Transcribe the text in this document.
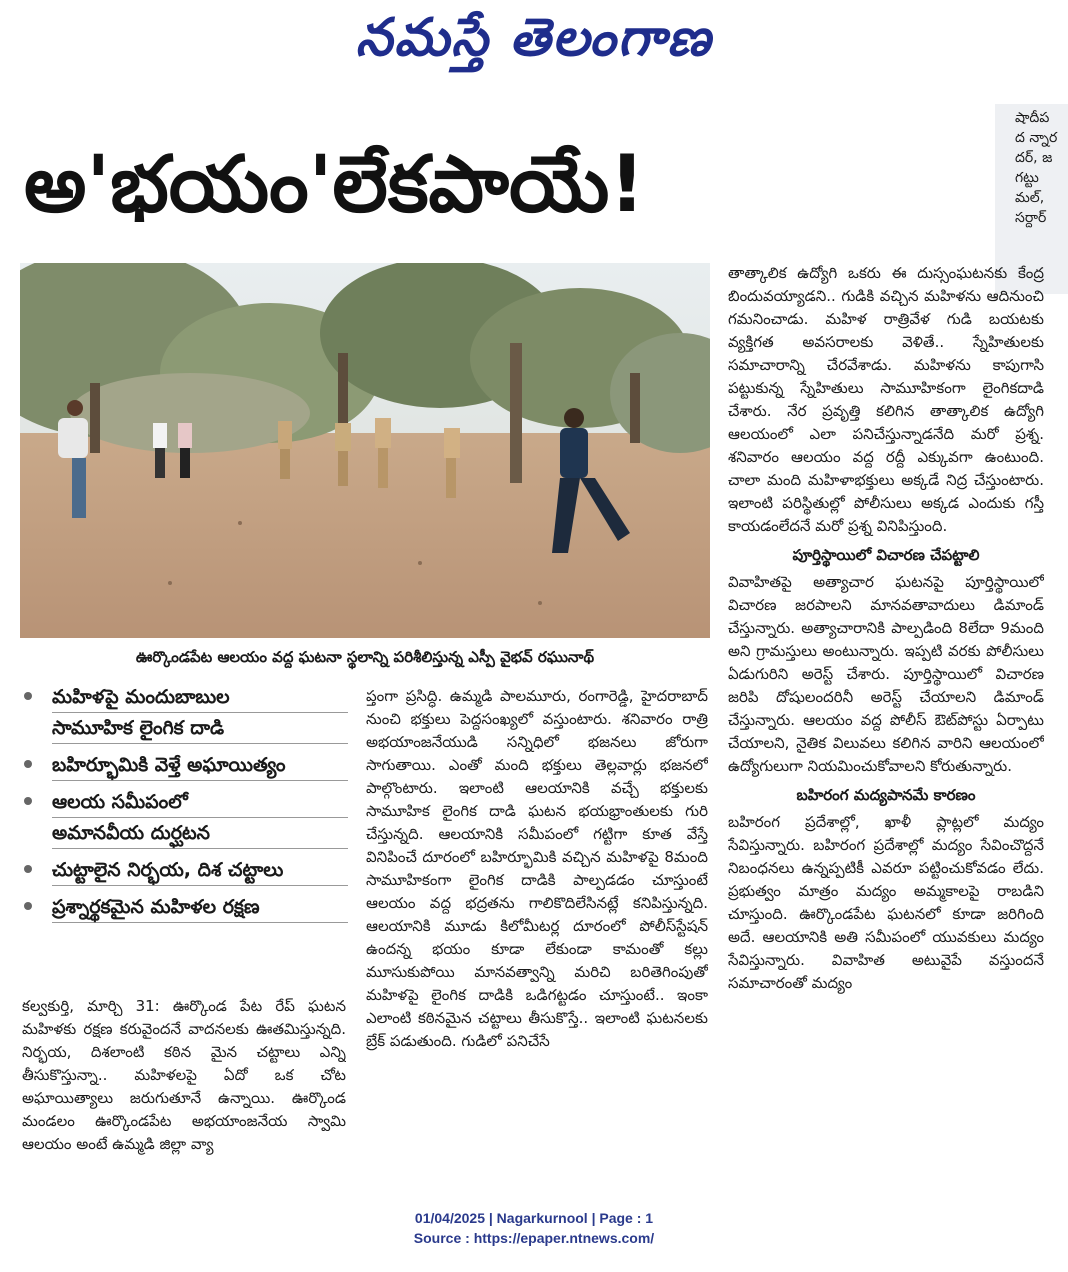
నమస్తే తెలంగాణ
షాదీప
ద న్నార
దర్, జ
గట్టు
మల్,
సర్దార్
అ'భయం'లేకపాయే!
ఊర్కొండపేట ఆలయం వద్ద ఘటనా స్థలాన్ని పరిశీలిస్తున్న ఎస్పీ వైభవ్ రఘునాథ్
మహిళపై మందుబాబుల
సామూహిక లైంగిక దాడి
బహిర్భూమికి వెళ్తే అఘాయిత్యం
ఆలయ సమీపంలో
అమానవీయ దుర్ఘటన
చుట్టాలైన నిర్భయ, దిశ చట్టాలు
ప్రశ్నార్థకమైన మహిళల రక్షణ

కల్వకుర్తి, మార్చి 31: ఊర్కొండ పేట రేప్ ఘటన మహిళకు రక్షణ కరువైందనే వాదనలకు ఊతమిస్తున్నది. నిర్భయ, దిశలాంటి కఠిన మైన చట్టాలు ఎన్ని తీసుకొస్తున్నా.. మహిళలపై ఏదో ఒక చోట అఘాయిత్యాలు జరుగుతూనే ఉన్నాయి. ఊర్కొండ మండలం ఊర్కొండపేట అభయాంజనేయ స్వామి ఆలయం అంటే ఉమ్మడి జిల్లా వ్యా

ప్తంగా ప్రసిద్ధి. ఉమ్మడి పాలమూరు, రంగారెడ్డి, హైదరాబాద్ నుంచి భక్తులు పెద్దసంఖ్యలో వస్తుంటారు. శనివారం రాత్రి అభయాంజనేయుడి సన్నిధిలో భజనలు జోరుగా సాగుతాయి. ఎంతో మంది భక్తులు తెల్లవార్లు భజనలో పాల్గొంటారు. ఇలాంటి ఆలయానికి వచ్చే భక్తులకు సామూహిక లైంగిక దాడి ఘటన భయభ్రాంతులకు గురి చేస్తున్నది. ఆలయానికి సమీపంలో గట్టిగా కూత వేస్తే వినిపించే దూరంలో బహిర్భూమికి వచ్చిన మహిళపై 8మంది సామూహికంగా లైంగిక దాడికి పాల్పడడం చూస్తుంటే ఆలయం వద్ద భద్రతను గాలికొదిలేసినట్లే కనిపిస్తున్నది. ఆలయానికి మూడు కిలోమీటర్ల దూరంలో పోలీస్‌స్టేషన్ ఉందన్న భయం కూడా లేకుండా కామంతో కల్లు మూసుకుపోయి మానవత్వాన్ని మరిచి బరితెగింపుతో మహిళపై లైంగిక దాడికి ఒడిగట్టడం చూస్తుంటే.. ఇంకా ఎలాంటి కఠినమైన చట్టాలు తీసుకొస్తే.. ఇలాంటి ఘటనలకు బ్రేక్ పడుతుంది. గుడిలో పనిచేసే

తాత్కాలిక ఉద్యోగి ఒకరు ఈ దుస్సంఘటనకు కేంద్ర బిందువయ్యాడని.. గుడికి వచ్చిన మహిళను ఆదినుంచి గమనించాడు. మహిళ రాత్రివేళ గుడి బయటకు వ్యక్తిగత అవసరాలకు వెళితే.. స్నేహితులకు సమాచారాన్ని చేరవేశాడు. మహిళను కాపుగాసి పట్టుకున్న స్నేహితులు సామూహికంగా లైంగికదాడి చేశారు. నేర ప్రవృత్తి కలిగిన తాత్కాలిక ఉద్యోగి ఆలయంలో ఎలా పనిచేస్తున్నాడనేది మరో ప్రశ్న. శనివారం ఆలయం వద్ద రద్దీ ఎక్కువగా ఉంటుంది. చాలా మంది మహిళాభక్తులు అక్కడే నిద్ర చేస్తుంటారు. ఇలాంటి పరిస్థితుల్లో పోలీసులు అక్కడ ఎందుకు గస్తీ కాయడంలేదనే మరో ప్రశ్న వినిపిస్తుంది.

పూర్తిస్థాయిలో విచారణ చేపట్టాలి

వివాహితపై అత్యాచార ఘటనపై పూర్తిస్థాయిలో విచారణ జరపాలని మానవతావాదులు డిమాండ్ చేస్తున్నారు. అత్యాచారానికి పాల్పడింది 8లేదా 9మంది అని గ్రామస్తులు అంటున్నారు. ఇప్పటి వరకు పోలీసులు ఏడుగురిని అరెస్ట్ చేశారు. పూర్తిస్థాయిలో విచారణ జరిపి దోషులందరినీ అరెస్ట్ చేయాలని డిమాండ్ చేస్తున్నారు. ఆలయం వద్ద పోలీస్ ఔట్‌పోస్టు ఏర్పాటు చేయాలని, నైతిక విలువలు కలిగిన వారిని ఆలయంలో ఉద్యోగులుగా నియమించుకోవాలని కోరుతున్నారు.

బహిరంగ మద్యపానమే కారణం

బహిరంగ ప్రదేశాల్లో, ఖాళీ ప్లాట్లలో మద్యం సేవిస్తున్నారు. బహిరంగ ప్రదేశాల్లో మద్యం సేవించొద్దనే నిబంధనలు ఉన్నప్పటికీ ఎవరూ పట్టించుకోవడం లేదు. ప్రభుత్వం మాత్రం మద్యం అమ్మకాలపై రాబడిని చూస్తుంది. ఊర్కొండపేట ఘటనలో కూడా జరిగింది అదే. ఆలయానికి అతి సమీపంలో యువకులు మద్యం సేవిస్తున్నారు. వివాహిత అటువైపే వస్తుందనే సమాచారంతో మద్యం

01/04/2025 | Nagarkurnool | Page : 1
Source : https://epaper.ntnews.com/
